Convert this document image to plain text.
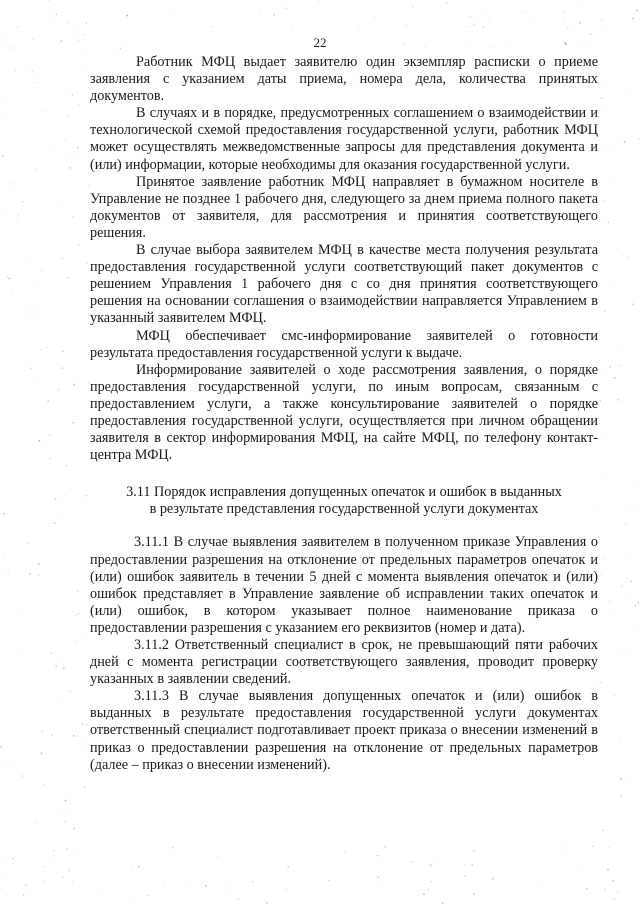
22

Работник МФЦ выдает заявителю один экземпляр расписки о приеме заявления с указанием даты приема, номера дела, количества принятых документов.

В случаях и в порядке, предусмотренных соглашением о взаимодействии и технологической схемой предоставления государственной услуги, работник МФЦ может осуществлять межведомственные запросы для представления документа и (или) информации, которые необходимы для оказания государственной услуги.

Принятое заявление работник МФЦ направляет в бумажном носителе в Управление не позднее 1 рабочего дня, следующего за днем приема полного пакета документов от заявителя, для рассмотрения и принятия соответствующего решения.

В случае выбора заявителем МФЦ в качестве места получения результата предоставления государственной услуги соответствующий пакет документов с решением Управления 1 рабочего дня с со дня принятия соответствующего решения на основании соглашения о взаимодействии направляется Управлением в указанный заявителем МФЦ.

МФЦ обеспечивает смс-информирование заявителей о готовности результата предоставления государственной услуги к выдаче.

Информирование заявителей о ходе рассмотрения заявления, о порядке предоставления государственной услуги, по иным вопросам, связанным с предоставлением услуги, а также консультирование заявителей о порядке предоставления государственной услуги, осуществляется при личном обращении заявителя в сектор информирования МФЦ, на сайте МФЦ, по телефону контакт-центра МФЦ.

3.11 Порядок исправления допущенных опечаток и ошибок в выданных
в результате представления государственной услуги документах

3.11.1 В случае выявления заявителем в полученном приказе Управления о предоставлении разрешения на отклонение от предельных параметров опечаток и (или) ошибок заявитель в течении 5 дней с момента выявления опечаток и (или) ошибок представляет в Управление заявление об исправлении таких опечаток и (или) ошибок, в котором указывает полное наименование приказа о предоставлении разрешения с указанием его реквизитов (номер и дата).

3.11.2 Ответственный специалист в срок, не превышающий пяти рабочих дней с момента регистрации соответствующего заявления, проводит проверку указанных в заявлении сведений.

3.11.3 В случае выявления допущенных опечаток и (или) ошибок в выданных в результате предоставления государственной услуги документах ответственный специалист подготавливает проект приказа о внесении изменений в приказ о предоставлении разрешения на отклонение от предельных параметров (далее – приказ о внесении изменений).
